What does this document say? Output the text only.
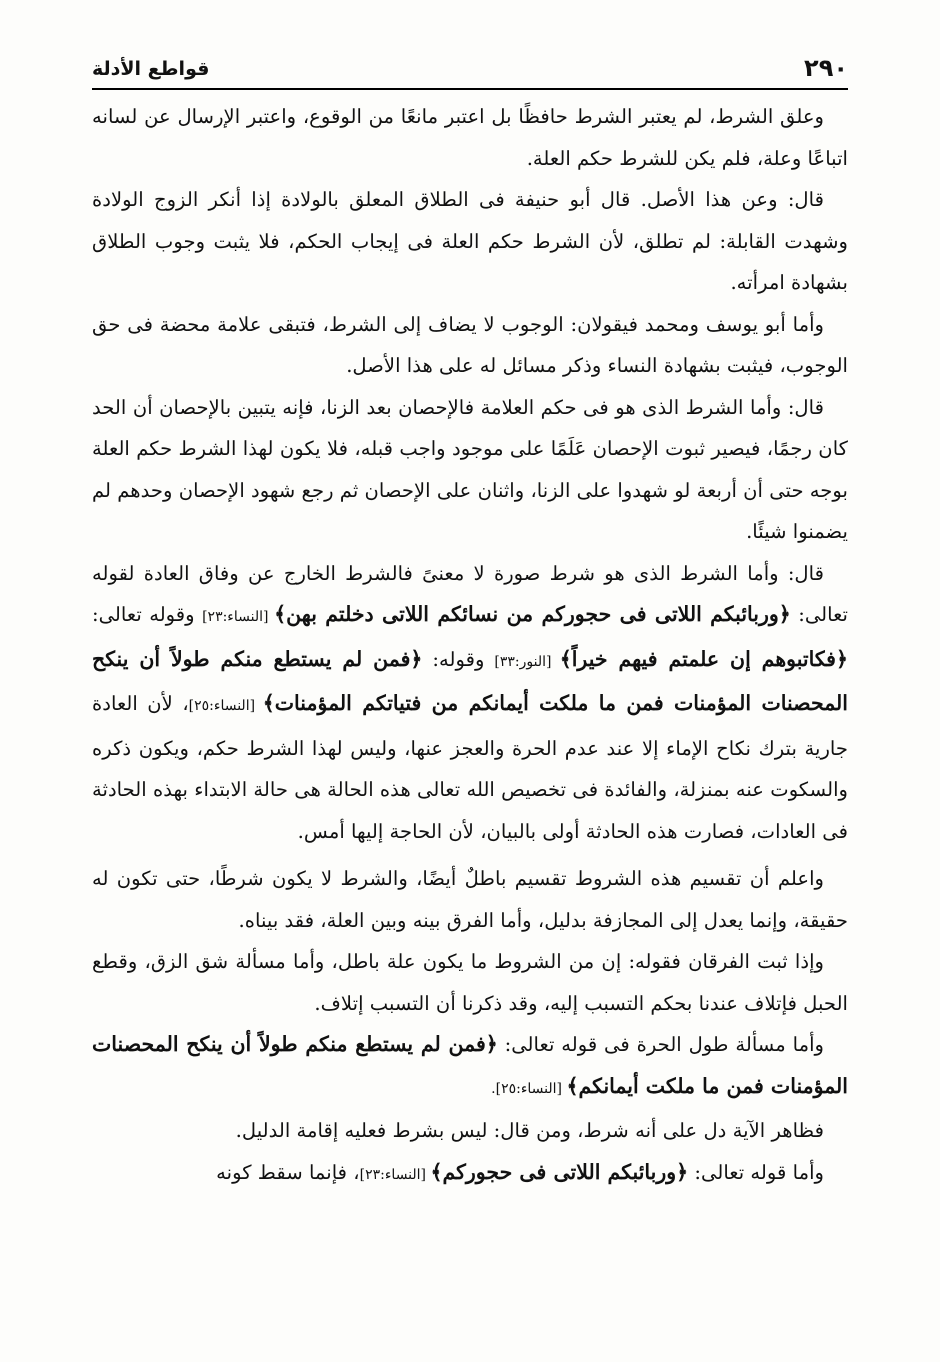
قواطع الأدلة	٢٩٠

وعلق الشرط، لم يعتبر الشرط حافظًا بل اعتبر مانعًا من الوقوع، واعتبر الإرسال عن لسانه اتباعًا وعلة، فلم يكن للشرط حكم العلة.

قال: وعن هذا الأصل. قال أبو حنيفة فى الطلاق المعلق بالولادة إذا أنكر الزوج الولادة وشهدت القابلة: لم تطلق، لأن الشرط حكم العلة فى إيجاب الحكم، فلا يثبت وجوب الطلاق بشهادة امرأته.

وأما أبو يوسف ومحمد فيقولان: الوجوب لا يضاف إلى الشرط، فتبقى علامة محضة فى حق الوجوب، فيثبت بشهادة النساء وذكر مسائل له على هذا الأصل.

قال: وأما الشرط الذى هو فى حكم العلامة فالإحصان بعد الزنا، فإنه يتبين بالإحصان أن الحد كان رجمًا، فيصير ثبوت الإحصان عَلَمًا على موجود واجب قبله، فلا يكون لهذا الشرط حكم العلة بوجه حتى أن أربعة لو شهدوا على الزنا، واثنان على الإحصان ثم رجع شهود الإحصان وحدهم لم يضمنوا شيئًا.

قال: وأما الشرط الذى هو شرط صورة لا معنىً فالشرط الخارج عن وفاق العادة لقوله تعالى: ﴿وربائبكم اللاتى فى حجوركم من نسائكم اللاتى دخلتم بهن﴾ [النساء:٢٣] وقوله تعالى: ﴿فكاتبوهم إن علمتم فيهم خيراً﴾ [النور:٣٣] وقوله: ﴿فمن لم يستطع منكم طولاً أن ينكح المحصنات المؤمنات فمن ما ملكت أيمانكم من فتياتكم المؤمنات﴾ [النساء:٢٥]، لأن العادة جارية بترك نكاح الإماء إلا عند عدم الحرة والعجز عنها، وليس لهذا الشرط حكم، ويكون ذكره والسكوت عنه بمنزلة، والفائدة فى تخصيص الله تعالى هذه الحالة هى حالة الابتداء بهذه الحادثة فى العادات، فصارت هذه الحادثة أولى بالبيان، لأن الحاجة إليها أمس.

واعلم أن تقسيم هذه الشروط تقسيم باطلٌ أيضًا، والشرط لا يكون شرطًا، حتى تكون له حقيقة، وإنما يعدل إلى المجازفة بدليل، وأما الفرق بينه وبين العلة، فقد بيناه.

وإذا ثبت الفرقان فقوله: إن من الشروط ما يكون علة باطل، وأما مسألة شق الزق، وقطع الحبل فإتلاف عندنا بحكم التسبب إليه، وقد ذكرنا أن التسبب إتلاف.

وأما مسألة طول الحرة فى قوله تعالى: ﴿فمن لم يستطع منكم طولاً أن ينكح المحصنات المؤمنات فمن ما ملكت أيمانكم﴾ [النساء:٢٥].

فظاهر الآية دل على أنه شرط، ومن قال: ليس بشرط فعليه إقامة الدليل.

وأما قوله تعالى: ﴿وربائبكم اللاتى فى حجوركم﴾ [النساء:٢٣]، فإنما سقط كونه
